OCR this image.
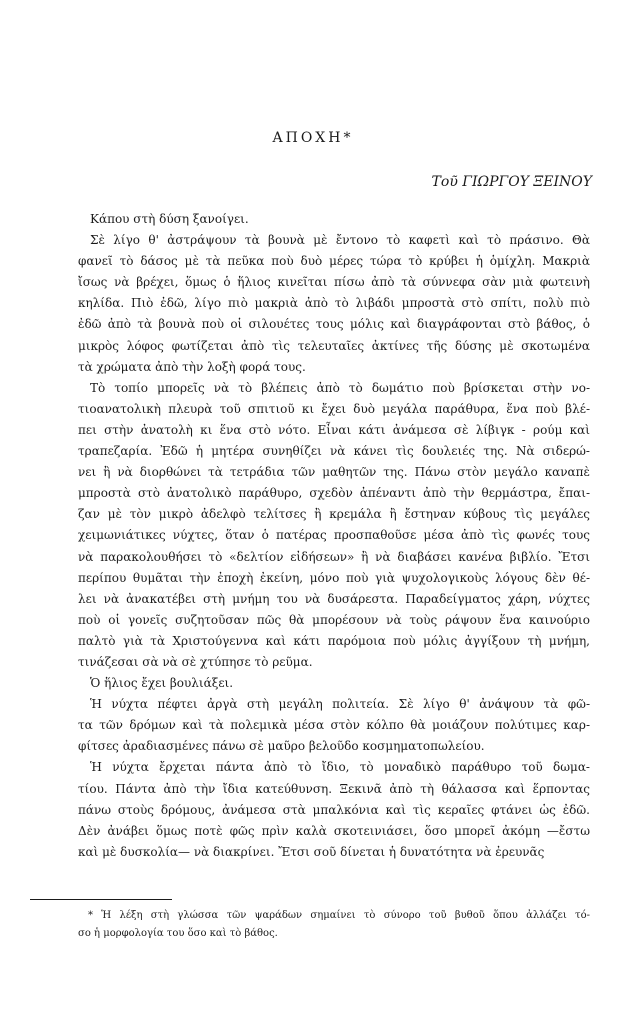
ΑΠΟΧΗ*
Τοῦ ΓΙΩΡΓΟΥ ΞΕΙΝΟΥ
Κάπου στὴ δύση ξανοίγει.
Σὲ λίγο θ' ἀστράψουν τὰ βουνὰ μὲ ἔντονο τὸ καφετὶ καὶ τὸ πράσινο. Θὰ
φανεῖ τὸ δάσος μὲ τὰ πεῦκα ποὺ δυὸ μέρες τώρα τὸ κρύβει ἡ ὁμίχλη. Μακριὰ
ἴσως νὰ βρέχει, ὅμως ὁ ἥλιος κινεῖται πίσω ἀπὸ τὰ σύννεφα σὰν μιὰ φωτεινὴ
κηλίδα. Πιὸ ἐδῶ, λίγο πιὸ μακριὰ ἀπὸ τὸ λιβάδι μπροστὰ στὸ σπίτι, πολὺ πιὸ
ἐδῶ ἀπὸ τὰ βουνὰ ποὺ οἱ σιλουέτες τους μόλις καὶ διαγράφονται στὸ βάθος, ὁ
μικρὸς λόφος φωτίζεται ἀπὸ τὶς τελευταῖες ἀκτίνες τῆς δύσης μὲ σκοτωμένα
τὰ χρώματα ἀπὸ τὴν λοξὴ φορά τους.
Τὸ τοπίο μπορεῖς νὰ τὸ βλέπεις ἀπὸ τὸ δωμάτιο ποὺ βρίσκεται στὴν νο-
τιοανατολικὴ πλευρὰ τοῦ σπιτιοῦ κι ἔχει δυὸ μεγάλα παράθυρα, ἕνα ποὺ βλέ-
πει στὴν ἀνατολὴ κι ἕνα στὸ νότο. Εἶναι κάτι ἀνάμεσα σὲ λίβιγκ - ρούμ καὶ
τραπεζαρία. Ἐδῶ ἡ μητέρα συνηθίζει νὰ κάνει τὶς δουλειές της. Νὰ σιδερώ-
νει ἢ νὰ διορθώνει τὰ τετράδια τῶν μαθητῶν της. Πάνω στὸν μεγάλο καναπὲ
μπροστὰ στὸ ἀνατολικὸ παράθυρο, σχεδὸν ἀπέναντι ἀπὸ τὴν θερμάστρα, ἔπαι-
ζαν μὲ τὸν μικρὸ ἀδελφὸ τελίτσες ἢ κρεμάλα ἢ ἔστηναν κύβους τὶς μεγάλες
χειμωνιάτικες νύχτες, ὅταν ὁ πατέρας προσπαθοῦσε μέσα ἀπὸ τὶς φωνές τους
νὰ παρακολουθήσει τὸ «δελτίον εἰδήσεων» ἢ νὰ διαβάσει κανένα βιβλίο. Ἔτσι
περίπου θυμᾶται τὴν ἐποχὴ ἐκείνη, μόνο ποὺ γιὰ ψυχολογικοὺς λόγους δὲν θέ-
λει νὰ ἀνακατέβει στὴ μνήμη του νὰ δυσάρεστα. Παραδείγματος χάρη, νύχτες
ποὺ οἱ γονεῖς συζητοῦσαν πῶς θὰ μπορέσουν νὰ τοὺς ράψουν ἕνα καινούριο
παλτὸ γιὰ τὰ Χριστούγεννα καὶ κάτι παρόμοια ποὺ μόλις ἀγγίξουν τὴ μνήμη,
τινάζεσαι σὰ νὰ σὲ χτύπησε τὸ ρεῦμα.
Ὁ ἥλιος ἔχει βουλιάξει.
Ἡ νύχτα πέφτει ἀργὰ στὴ μεγάλη πολιτεία. Σὲ λίγο θ' ἀνάψουν τὰ φῶ-
τα τῶν δρόμων καὶ τὰ πολεμικὰ μέσα στὸν κόλπο θὰ μοιάζουν πολύτιμες καρ-
φίτσες ἀραδιασμένες πάνω σὲ μαῦρο βελοῦδο κοσμηματοπωλείου.
Ἡ νύχτα ἔρχεται πάντα ἀπὸ τὸ ἴδιο, τὸ μοναδικὸ παράθυρο τοῦ δωμα-
τίου. Πάντα ἀπὸ τὴν ἴδια κατεύθυνση. Ξεκινᾶ ἀπὸ τὴ θάλασσα καὶ ἕρποντας
πάνω στοὺς δρόμους, ἀνάμεσα στὰ μπαλκόνια καὶ τὶς κεραῖες φτάνει ὡς ἐδῶ.
Δὲν ἀνάβει ὅμως ποτὲ φῶς πρὶν καλὰ σκοτεινιάσει, ὅσο μπορεῖ ἀκόμη —ἔστω
καὶ μὲ δυσκολία— νὰ διακρίνει. Ἔτσι σοῦ δίνεται ἡ δυνατότητα νὰ ἐρευνᾶς
* Ἡ λέξη στὴ γλώσσα τῶν ψαράδων σημαίνει τὸ σύνορο τοῦ βυθοῦ ὅπου ἀλλάζει τό-
σο ἡ μορφολογία του ὅσο καὶ τὸ βάθος.
